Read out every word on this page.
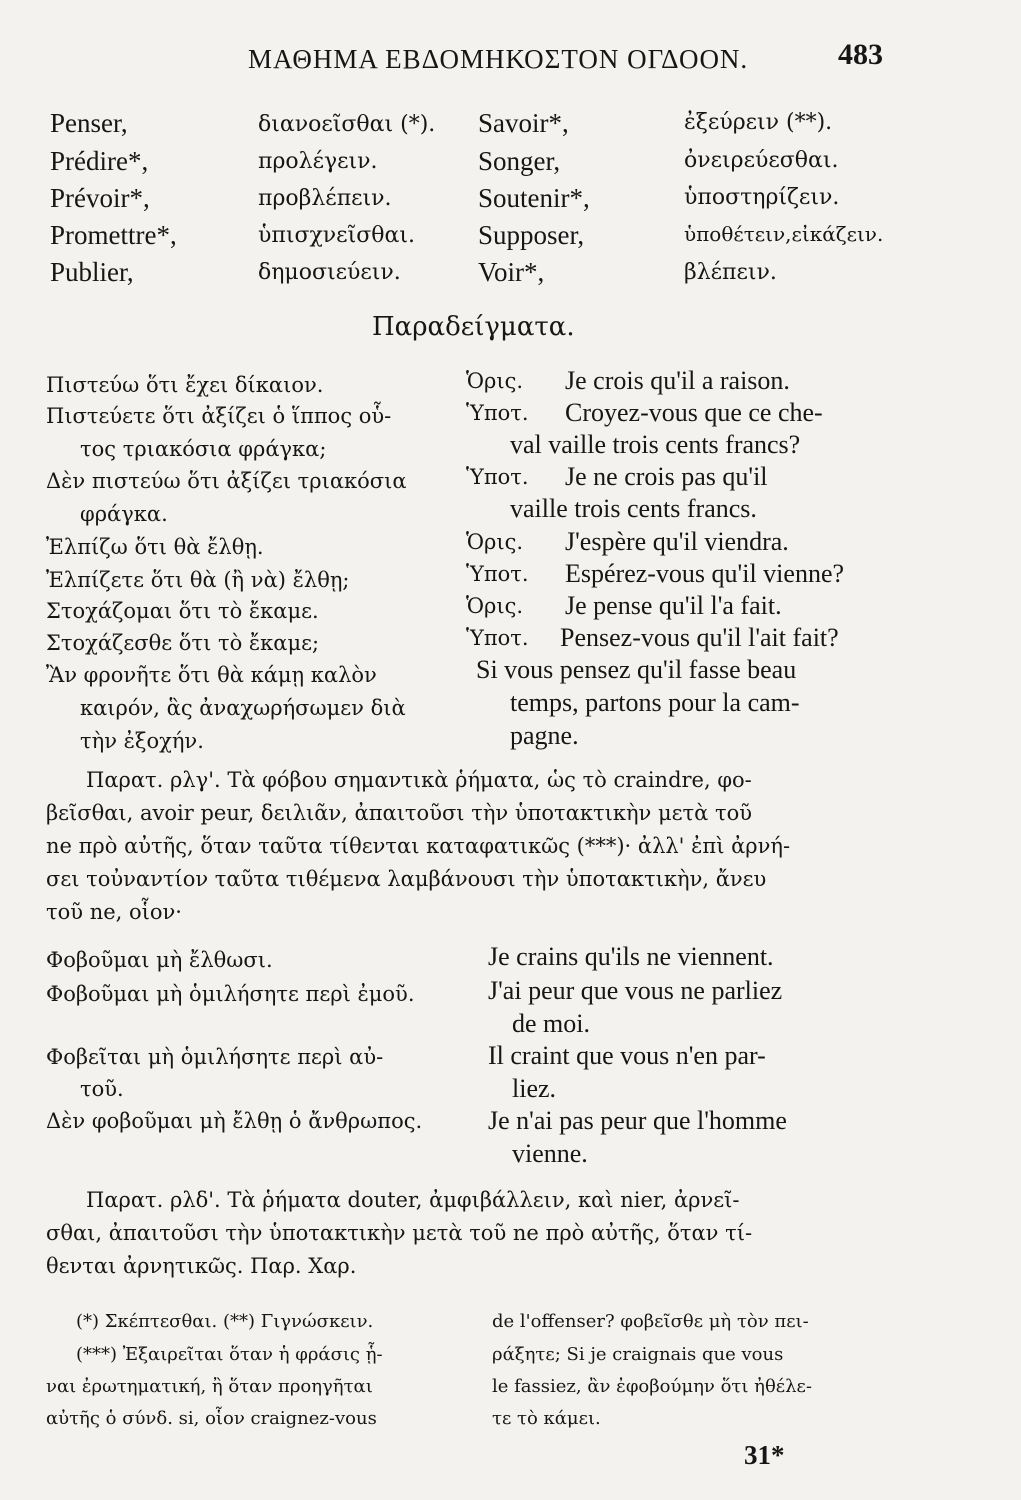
ΜΑΘΗΜΑ ΕΒΔΟΜΗΚΟΣΤΟΝ ΟΓΔΟΟΝ.	483
Penser,
Prédire*,
Prévoir*,
Promettre*,
Publier,
διανοεῖσθαι (*).
προλέγειν.
προβλέπειν.
ὑπισχνεῖσθαι.
δημοσιεύειν.
Savoir*,
Songer,
Soutenir*,
Supposer,
Voir*,
ἐξεύρειν (**).
ὀνειρεύεσθαι.
ὑποστηρίζειν.
ὑποθέτειν,εἰκάζειν.
βλέπειν.
Παραδείγματα.
Πιστεύω ὅτι ἔχει δίκαιον.
Πιστεύετε ὅτι ἀξίζει ὁ ἵππος οὗ-
τος τριακόσια φράγκα;
Δὲν πιστεύω ὅτι ἀξίζει τριακόσια
φράγκα.
Ἐλπίζω ὅτι θὰ ἔλθῃ.
Ἐλπίζετε ὅτι θὰ (ἢ νὰ) ἔλθῃ;
Στοχάζομαι ὅτι τὸ ἔκαμε.
Στοχάζεσθε ὅτι τὸ ἔκαμε;
Ἂν φρονῆτε ὅτι θὰ κάμῃ καλὸν
καιρόν, ἃς ἀναχωρήσωμεν διὰ
τὴν ἐξοχήν.
Ὁρις. Je crois qu'il a raison.
Ὑποτ. Croyez-vous que ce che-
val vaille trois cents francs?
Ὑποτ. Je ne crois pas qu'il
vaille trois cents francs.
Ὁρις. J'espère qu'il viendra.
Ὑποτ. Espérez-vous qu'il vienne?
Ὁρις. Je pense qu'il l'a fait.
Ὑποτ. Pensez-vous qu'il l'ait fait?
Si vous pensez qu'il fasse beau
temps, partons pour la cam-
pagne.
Παρατ. ρλγ'. Τὰ φόβου σημαντικὰ ῥήματα, ὡς τὸ craindre, φο-
βεῖσθαι, avoir peur, δειλιᾶν, ἀπαιτοῦσι τὴν ὑποτακτικὴν μετὰ τοῦ
ne πρὸ αὐτῆς, ὅταν ταῦτα τίθενται καταφατικῶς (***)· ἀλλ' ἐπὶ ἀρνή-
σει τοὐναντίον ταῦτα τιθέμενα λαμβάνουσι τὴν ὑποτακτικὴν, ἄνευ
τοῦ ne, οἷον·
Φοβοῦμαι μὴ ἔλθωσι.
Φοβοῦμαι μὴ ὁμιλήσητε περὶ ἐμοῦ.
Φοβεῖται μὴ ὁμιλήσητε περὶ αὐ-
τοῦ.
Δὲν φοβοῦμαι μὴ ἔλθῃ ὁ ἄνθρωπος.
Je crains qu'ils ne viennent.
J'ai peur que vous ne parliez
de moi.
Il craint que vous n'en par-
liez.
Je n'ai pas peur que l'homme
vienne.
Παρατ. ρλδ'. Τὰ ῥήματα douter, ἀμφιβάλλειν, καὶ nier, ἀρνεῖ-
σθαι, ἀπαιτοῦσι τὴν ὑποτακτικὴν μετὰ τοῦ ne πρὸ αὐτῆς, ὅταν τί-
θενται ἀρνητικῶς. Παρ. Χαρ.
(*) Σκέπτεσθαι. (**) Γιγνώσκειν.
(***) Ἐξαιρεῖται ὅταν ἡ φράσις ᾗ-
ναι ἐρωτηματική, ἢ ὅταν προηγῆται
αὐτῆς ὁ σύνδ. si, οἷον craignez-vous
de l'offenser? φοβεῖσθε μὴ τὸν πει-
ράξητε; Si je craignais que vous
le fassiez, ἂν ἐφοβούμην ὅτι ἠθέλε-
τε τὸ κάμει.
31*
